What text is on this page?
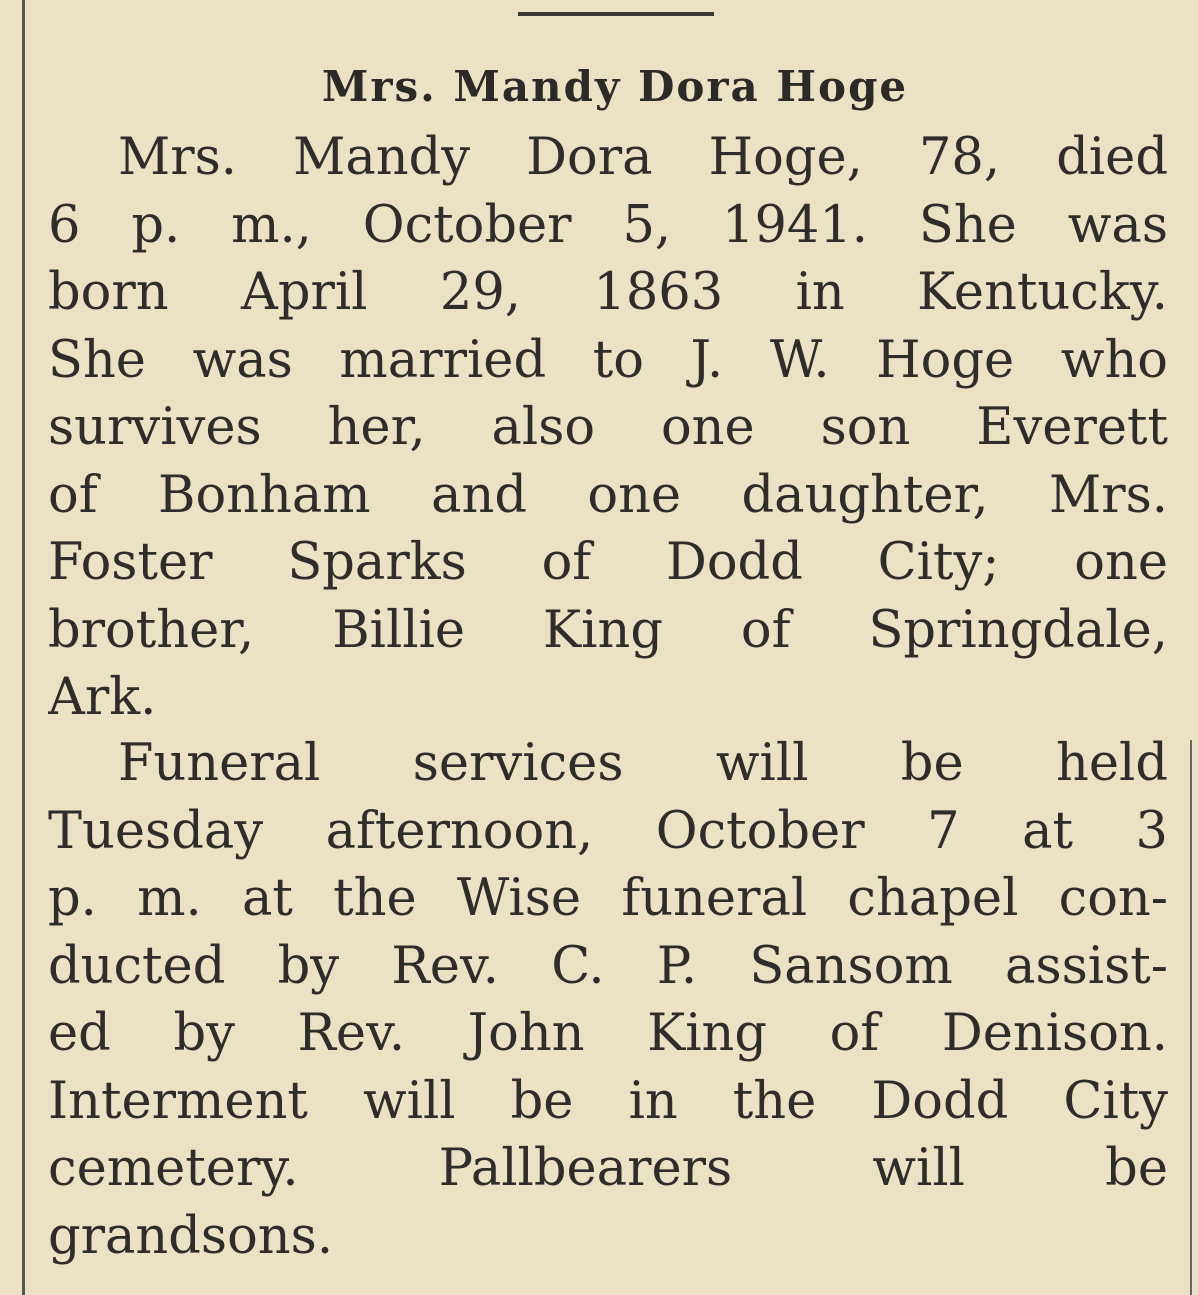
Mrs. Mandy Dora Hoge
Mrs. Mandy Dora Hoge, 78, died
6 p. m., October 5, 1941. She was
born April 29, 1863 in Kentucky.
She was married to J. W. Hoge who
survives her, also one son Everett
of Bonham and one daughter, Mrs.
Foster Sparks of Dodd City; one
brother, Billie King of Springdale,
Ark.
Funeral services will be held
Tuesday afternoon, October 7 at 3
p. m. at the Wise funeral chapel con-
ducted by Rev. C. P. Sansom assist-
ed by Rev. John King of Denison.
Interment will be in the Dodd City
cemetery. Pallbearers will be
grandsons.
